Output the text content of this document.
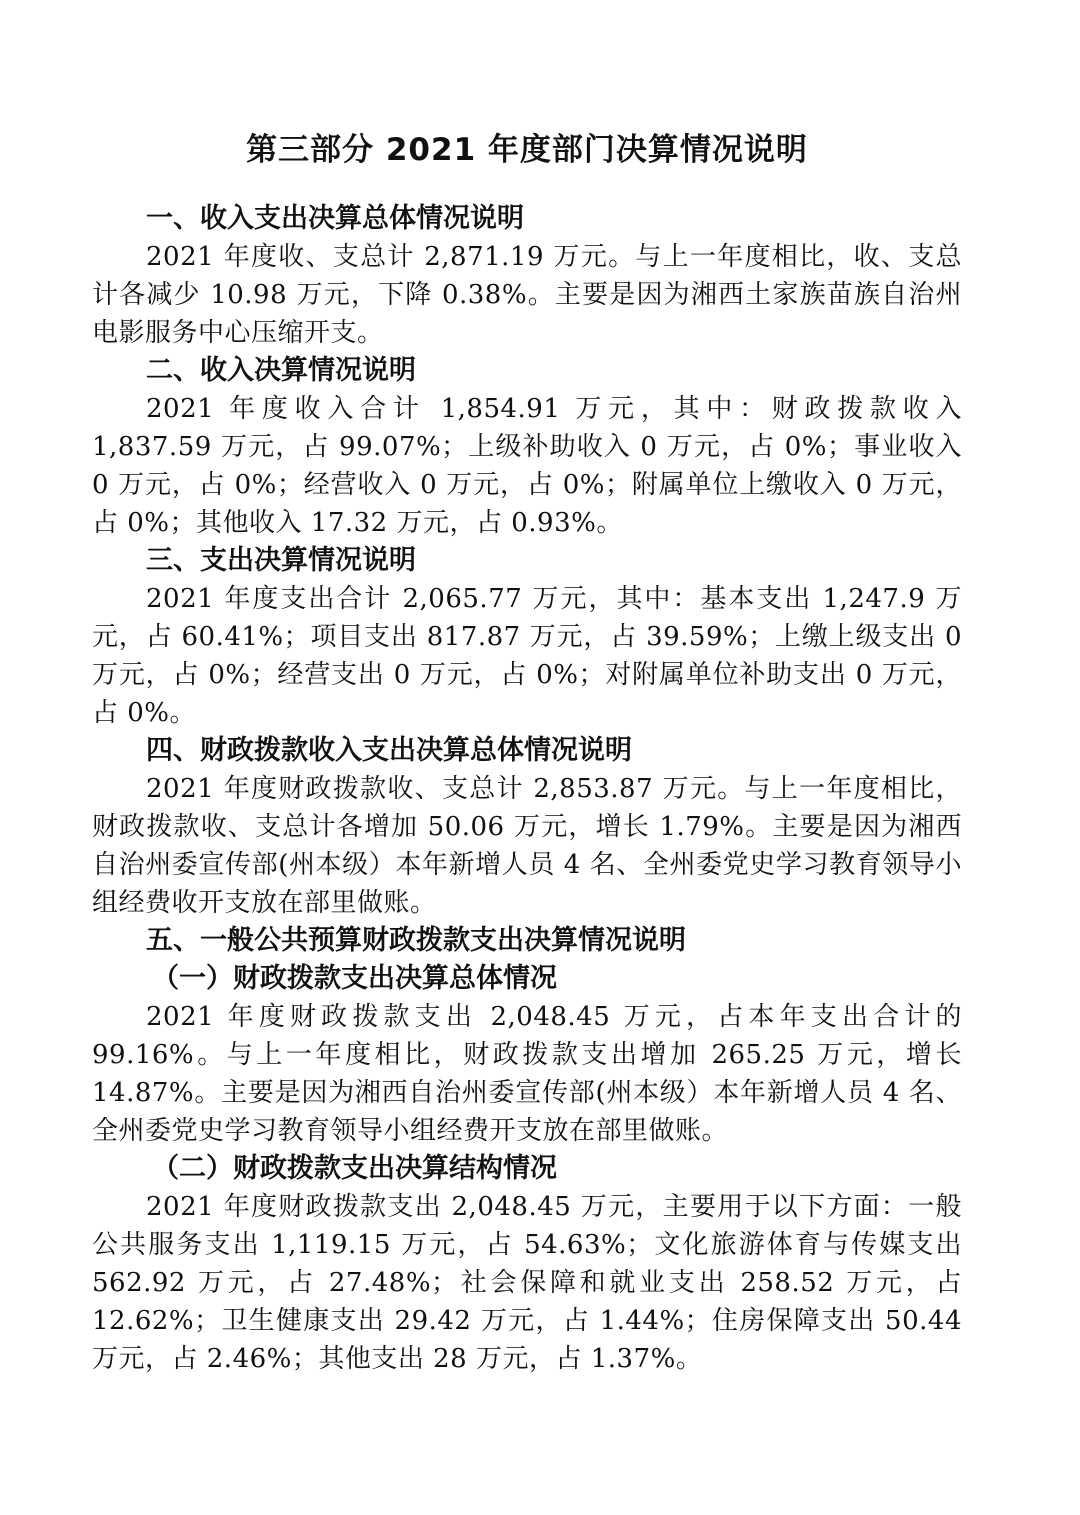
第三部分 2021 年度部门决算情况说明

一、收入支出决算总体情况说明

2021 年度收、支总计 2,871.19 万元。与上一年度相比，收、支总计各减少 10.98 万元，下降 0.38%。主要是因为湘西土家族苗族自治州电影服务中心压缩开支。

二、收入决算情况说明

2021 年度收入合计 1,854.91 万元，其中：财政拨款收入 1,837.59 万元，占 99.07%；上级补助收入 0 万元，占 0%；事业收入 0 万元，占 0%；经营收入 0 万元，占 0%；附属单位上缴收入 0 万元，占 0%；其他收入 17.32 万元，占 0.93%。

三、支出决算情况说明

2021 年度支出合计 2,065.77 万元，其中：基本支出 1,247.9 万元，占 60.41%；项目支出 817.87 万元，占 39.59%；上缴上级支出 0 万元，占 0%；经营支出 0 万元，占 0%；对附属单位补助支出 0 万元，占 0%。

四、财政拨款收入支出决算总体情况说明

2021 年度财政拨款收、支总计 2,853.87 万元。与上一年度相比，财政拨款收、支总计各增加 50.06 万元，增长 1.79%。主要是因为湘西自治州委宣传部(州本级）本年新增人员 4 名、全州委党史学习教育领导小组经费收开支放在部里做账。

五、一般公共预算财政拨款支出决算情况说明

（一）财政拨款支出决算总体情况

2021 年度财政拨款支出 2,048.45 万元，占本年支出合计的 99.16%。与上一年度相比，财政拨款支出增加 265.25 万元，增长 14.87%。主要是因为湘西自治州委宣传部(州本级）本年新增人员 4 名、全州委党史学习教育领导小组经费开支放在部里做账。

（二）财政拨款支出决算结构情况

2021 年度财政拨款支出 2,048.45 万元，主要用于以下方面：一般公共服务支出 1,119.15 万元，占 54.63%；文化旅游体育与传媒支出 562.92 万元，占 27.48%；社会保障和就业支出 258.52 万元，占 12.62%；卫生健康支出 29.42 万元，占 1.44%；住房保障支出 50.44 万元，占 2.46%；其他支出 28 万元，占 1.37%。
